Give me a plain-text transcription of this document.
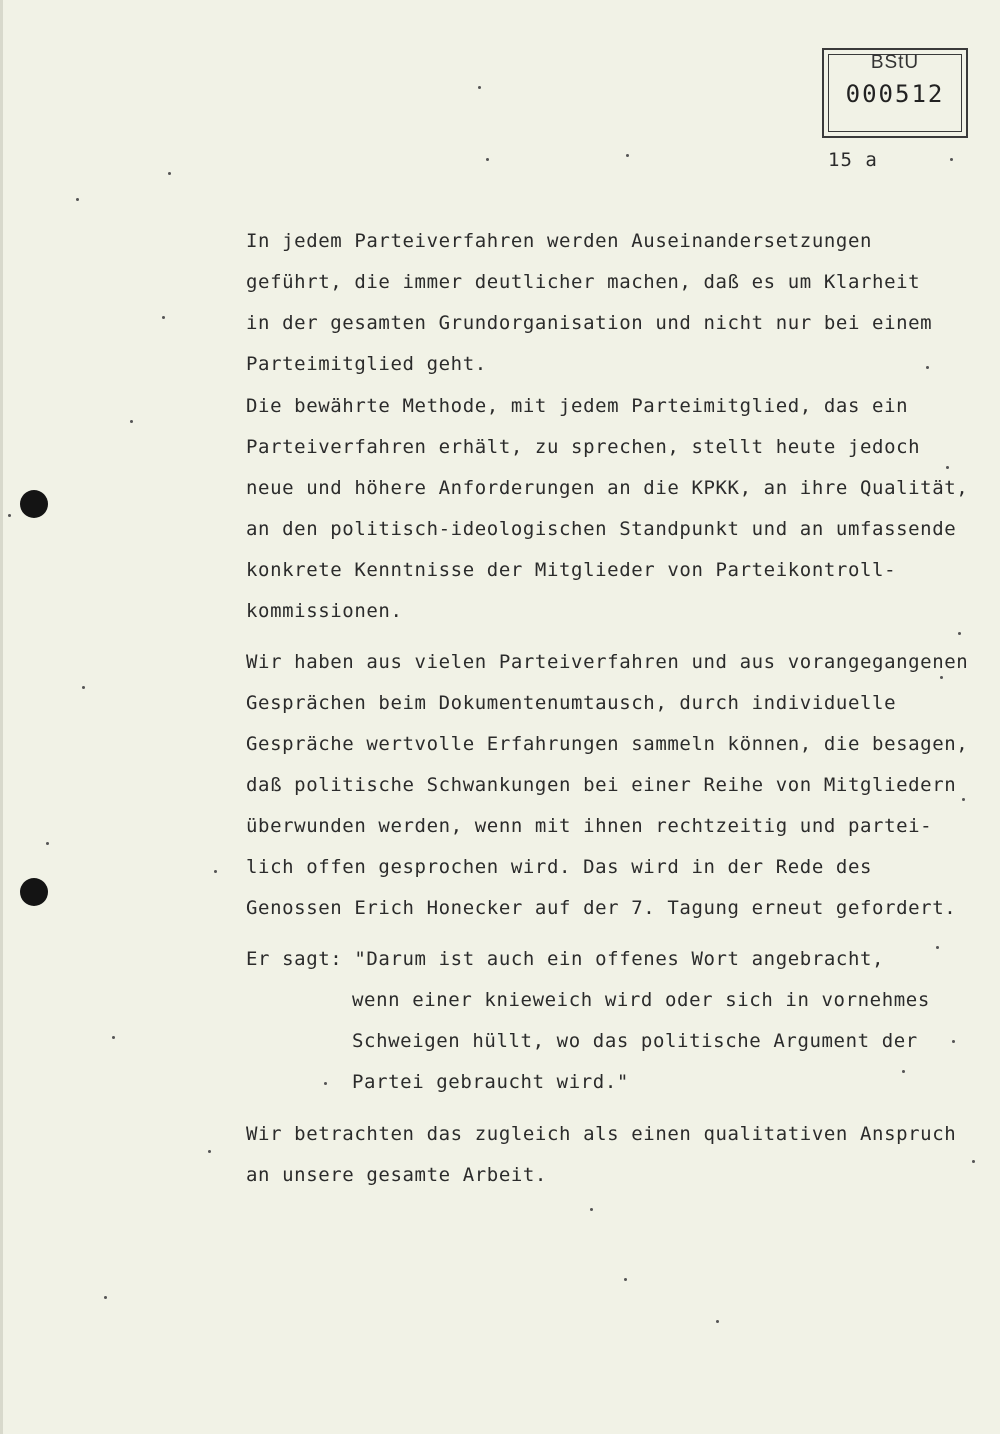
BStU
000512
15 a
In jedem Parteiverfahren werden Auseinandersetzungen
geführt, die immer deutlicher machen, daß es um Klarheit
in der gesamten Grundorganisation und nicht nur bei einem
Parteimitglied geht.
Die bewährte Methode, mit jedem Parteimitglied, das ein
Parteiverfahren erhält, zu sprechen, stellt heute jedoch
neue und höhere Anforderungen an die KPKK, an ihre Qualität,
an den politisch-ideologischen Standpunkt und an umfassende
konkrete Kenntnisse der Mitglieder von Parteikontroll-
kommissionen.
Wir haben aus vielen Parteiverfahren und aus vorangegangenen
Gesprächen beim Dokumentenumtausch, durch individuelle
Gespräche wertvolle Erfahrungen sammeln können, die besagen,
daß politische Schwankungen bei einer Reihe von Mitgliedern
überwunden werden, wenn mit ihnen rechtzeitig und partei-
lich offen gesprochen wird. Das wird in der Rede des
Genossen Erich Honecker auf der 7. Tagung erneut gefordert.
Er sagt: "Darum ist auch ein offenes Wort angebracht,
wenn einer knieweich wird oder sich in vornehmes
Schweigen hüllt, wo das politische Argument der
Partei gebraucht wird."
Wir betrachten das zugleich als einen qualitativen Anspruch
an unsere gesamte Arbeit.
